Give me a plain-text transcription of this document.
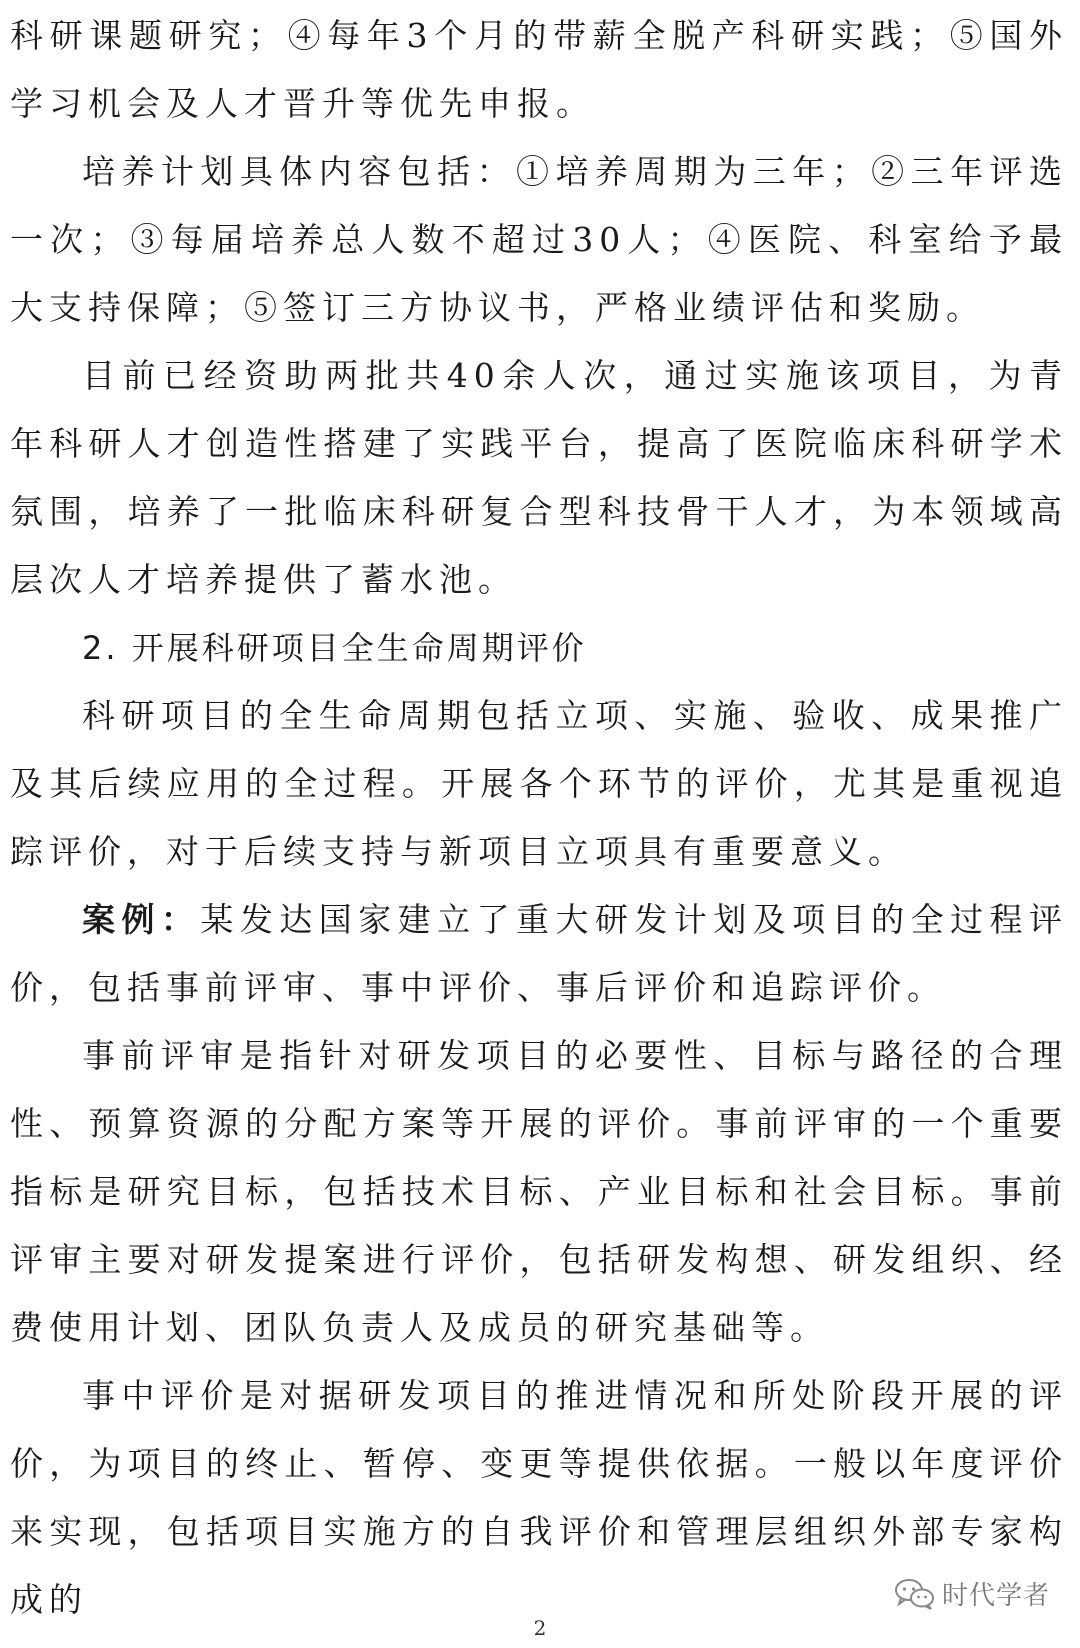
科研课题研究；④每年3个月的带薪全脱产科研实践；⑤国外学习机会及人才晋升等优先申报。

培养计划具体内容包括：①培养周期为三年；②三年评选一次；③每届培养总人数不超过30人；④医院、科室给予最大支持保障；⑤签订三方协议书，严格业绩评估和奖励。

目前已经资助两批共40余人次，通过实施该项目，为青年科研人才创造性搭建了实践平台，提高了医院临床科研学术氛围，培养了一批临床科研复合型科技骨干人才，为本领域高层次人才培养提供了蓄水池。

2. 开展科研项目全生命周期评价

科研项目的全生命周期包括立项、实施、验收、成果推广及其后续应用的全过程。开展各个环节的评价，尤其是重视追踪评价，对于后续支持与新项目立项具有重要意义。

案例：某发达国家建立了重大研发计划及项目的全过程评价，包括事前评审、事中评价、事后评价和追踪评价。

事前评审是指针对研发项目的必要性、目标与路径的合理性、预算资源的分配方案等开展的评价。事前评审的一个重要指标是研究目标，包括技术目标、产业目标和社会目标。事前评审主要对研发提案进行评价，包括研发构想、研发组织、经费使用计划、团队负责人及成员的研究基础等。

事中评价是对据研发项目的推进情况和所处阶段开展的评价，为项目的终止、暂停、变更等提供依据。一般以年度评价来实现，包括项目实施方的自我评价和管理层组织外部专家构成的	时代学者
2
